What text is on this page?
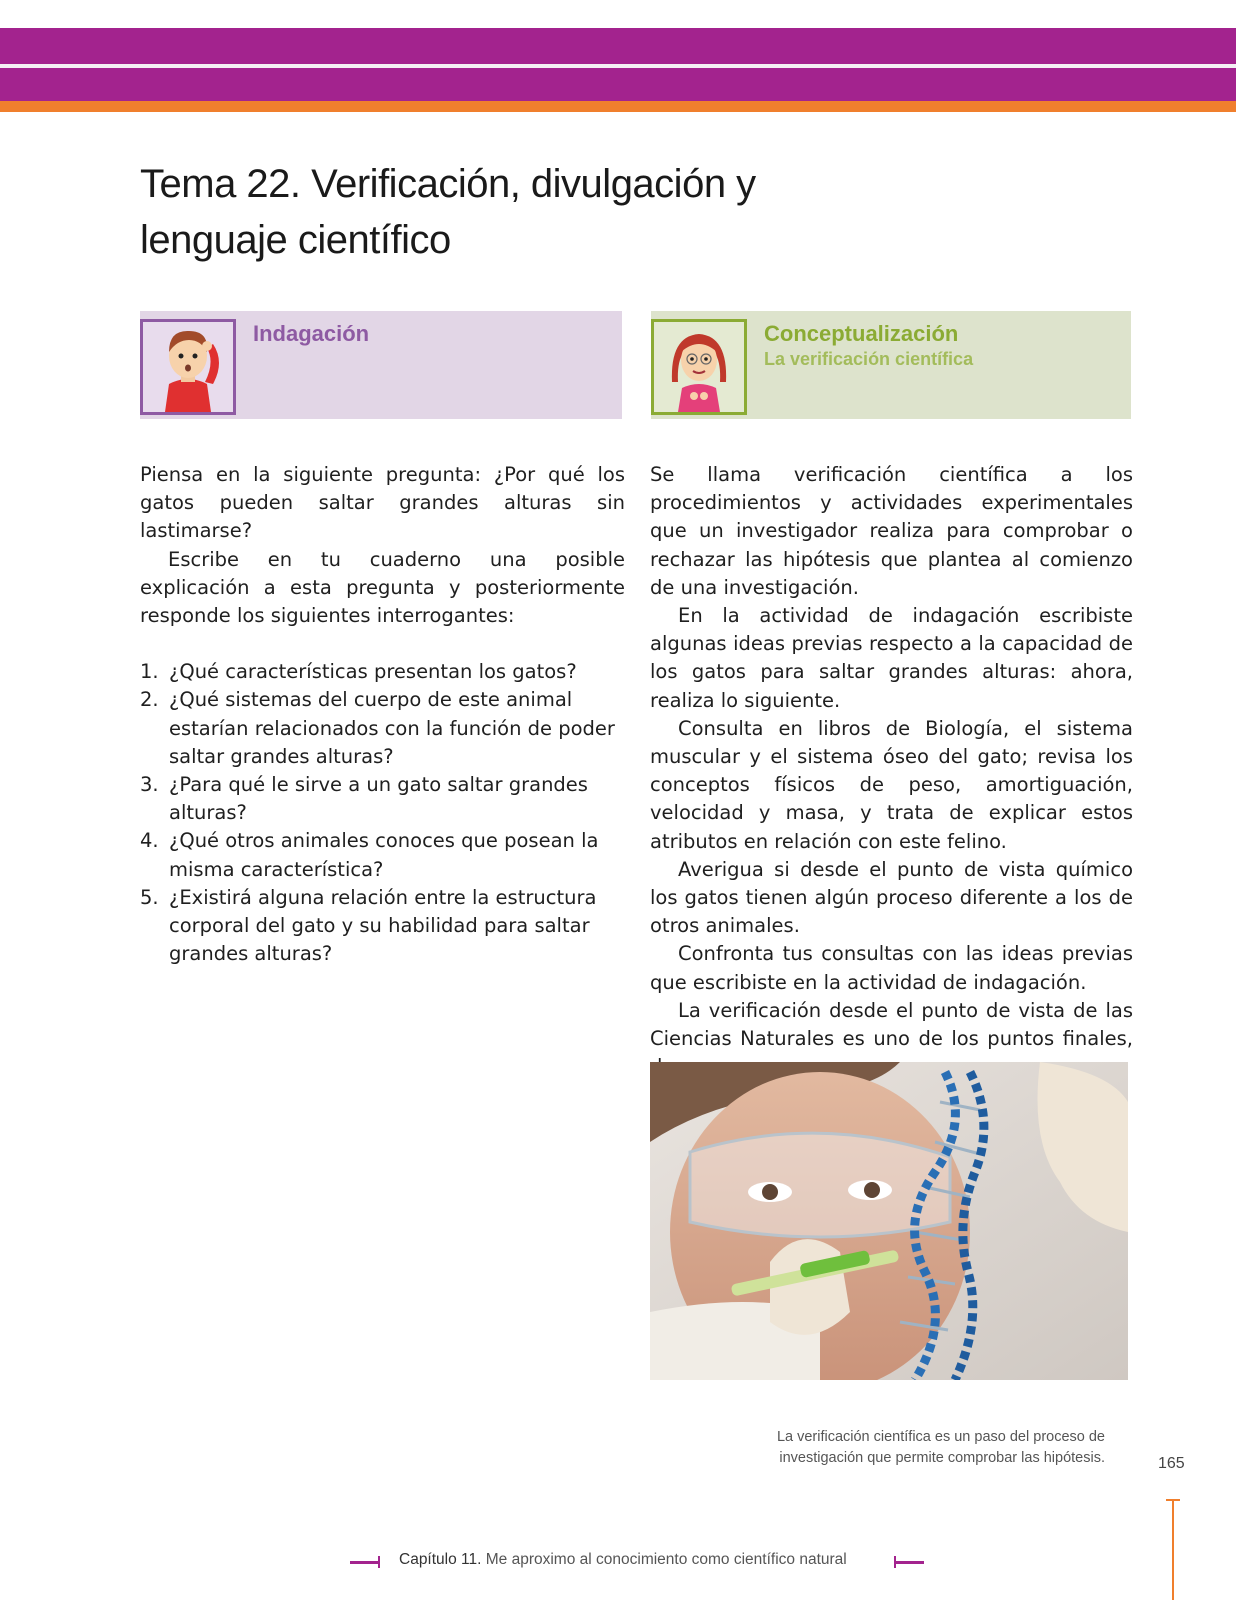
Tema 22. Verificación, divulgación y
lenguaje científico
Indagación	Conceptualización
La verificación científica

Piensa en la siguiente pregunta: ¿Por qué los gatos pueden saltar grandes alturas sin lastimarse?

Escribe en tu cuaderno una posible explicación a esta pregunta y posteriormente responde los siguientes interrogantes:

1. ¿Qué características presentan los gatos?
2. ¿Qué sistemas del cuerpo de este animal estarían relacionados con la función de poder saltar grandes alturas?
3. ¿Para qué le sirve a un gato saltar grandes alturas?
4. ¿Qué otros animales conoces que posean la misma característica?
5. ¿Existirá alguna relación entre la estructura corporal del gato y su habilidad para saltar grandes alturas?

Se llama verificación científica a los procedimientos y actividades experimentales que un investigador realiza para comprobar o rechazar las hipótesis que plantea al comienzo de una investigación.

En la actividad de indagación escribiste algunas ideas previas respecto a la capacidad de los gatos para saltar grandes alturas: ahora, realiza lo siguiente.

Consulta en libros de Biología, el sistema muscular y el sistema óseo del gato; revisa los conceptos físicos de peso, amortiguación, velocidad y masa, y trata de explicar estos atributos en relación con este felino.

Averigua si desde el punto de vista químico los gatos tienen algún proceso diferente a los de otros animales.

Confronta tus consultas con las ideas previas que escribiste en la actividad de indagación.

La verificación desde el punto de vista de las Ciencias Naturales es uno de los puntos finales,

La verificación científica es un paso del proceso de
investigación que permite comprobar las hipótesis.	165
Capítulo 11. Me aproximo al conocimiento como científico natural
